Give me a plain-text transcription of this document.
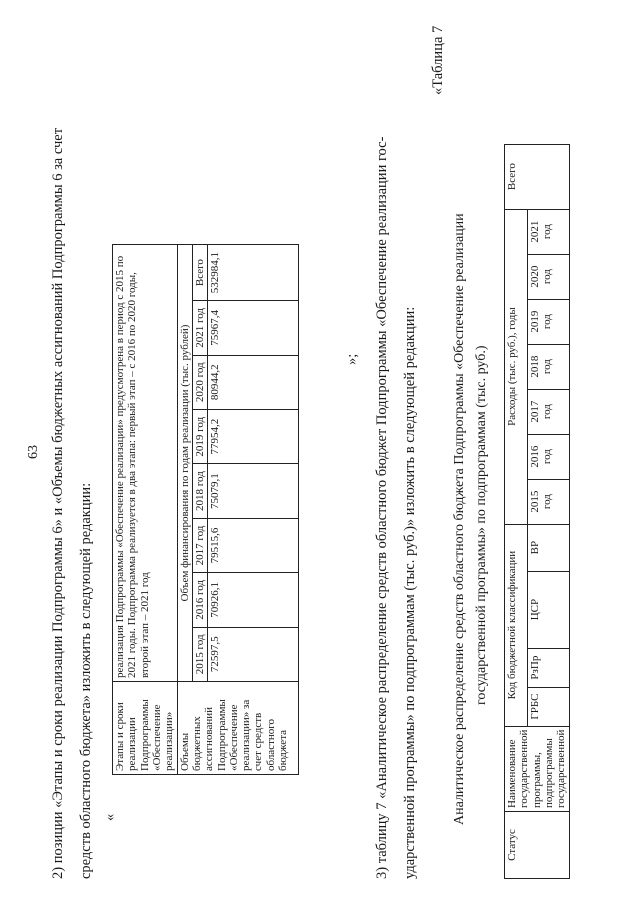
63 2) позиции «Этапы и сроки реализации Подпрограммы 6» и «Объемы бюджетных ассигнований Подпрограммы 6 за счет средств областного бюджета» изложить в следующей редакции: «
Этапы и сроки реализации Подпрограммы «Обеспечение реализации»	реализация Подпрограммы «Обеспечение реализации» предусмотрена в период с 2015 по 2021 годы. Подпрограмма реализуется в два этапа: первый этап – с 2016 по 2020 годы, второй этап – 2021 год							
Объемы бюджетных ассигнований Подпрограммы «Обеспечение реализации» за счет средств областного бюджета	Объем финансирования по годам реализации (тыс. рублей)							
	2015 год	2016 год	2017 год	2018 год	2019 год	2020 год	2021 год	Всего
	72597,5	70926,1	79515,6	75079,1	77954,2	80944,2	75967,4	532984,1
»; 3) таблицу 7 «Аналитическое распределение средств областного бюджет Подпрограммы «Обеспечение реализации гос- ударственной программы» по подпрограммам (тыс. руб.)» изложить в следующей редакции:
«Таблица 7
Аналитическое распределение средств областного бюджета Подпрограммы «Обеспечение реализации государственной программы» по подпрограммам (тыс. руб.)
Статус	Наименование государственной программы, подпрограммы государственной	Код бюджетной классификации				Расходы (тыс. руб.), годы							Всего
		ГРБС	РзПр	ЦСР	ВР	2015 год	2016 год	2017 год	2018 год	2019 год	2020 год	2021 год	
